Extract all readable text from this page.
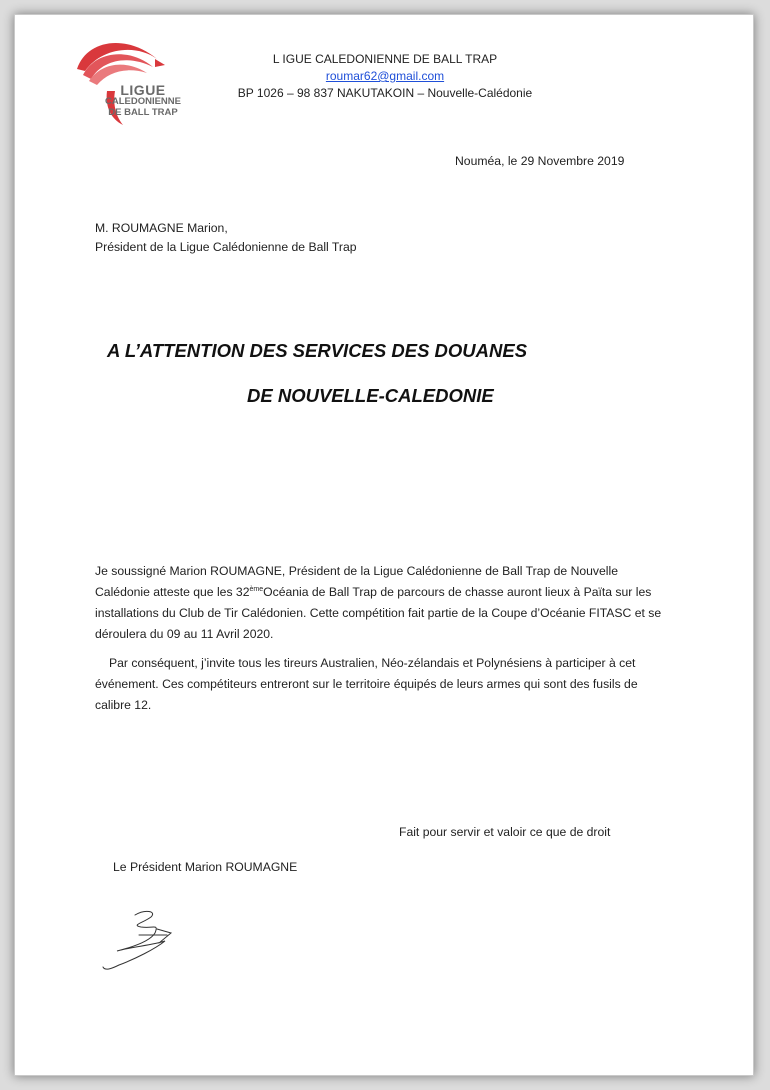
LIGUE
CALEDONIENNE
DE BALL TRAP
L IGUE CALEDONIENNE DE BALL TRAP
roumar62@gmail.com
BP 1026 – 98 837 NAKUTAKOIN – Nouvelle-Calédonie
Nouméa, le 29 Novembre 2019
M. ROUMAGNE Marion,
Président de la Ligue Calédonienne de Ball Trap
A L’ATTENTION DES SERVICES DES DOUANES
DE NOUVELLE-CALEDONIE
Je soussigné Marion ROUMAGNE, Président de la Ligue Calédonienne de Ball Trap de Nouvelle Calédonie atteste que les 32èmeOcéania de Ball Trap de parcours de chasse auront lieux à Païta sur les installations du Club de Tir Calédonien. Cette compétition fait partie de la Coupe d’Océanie FITASC et se déroulera du 09 au 11 Avril 2020.
Par conséquent, j’invite tous les tireurs Australien, Néo-zélandais et Polynésiens à participer à cet événement. Ces compétiteurs entreront sur le territoire équipés de leurs armes qui sont des fusils de calibre 12.
Fait pour servir et valoir ce que de droit
Le Président Marion ROUMAGNE
